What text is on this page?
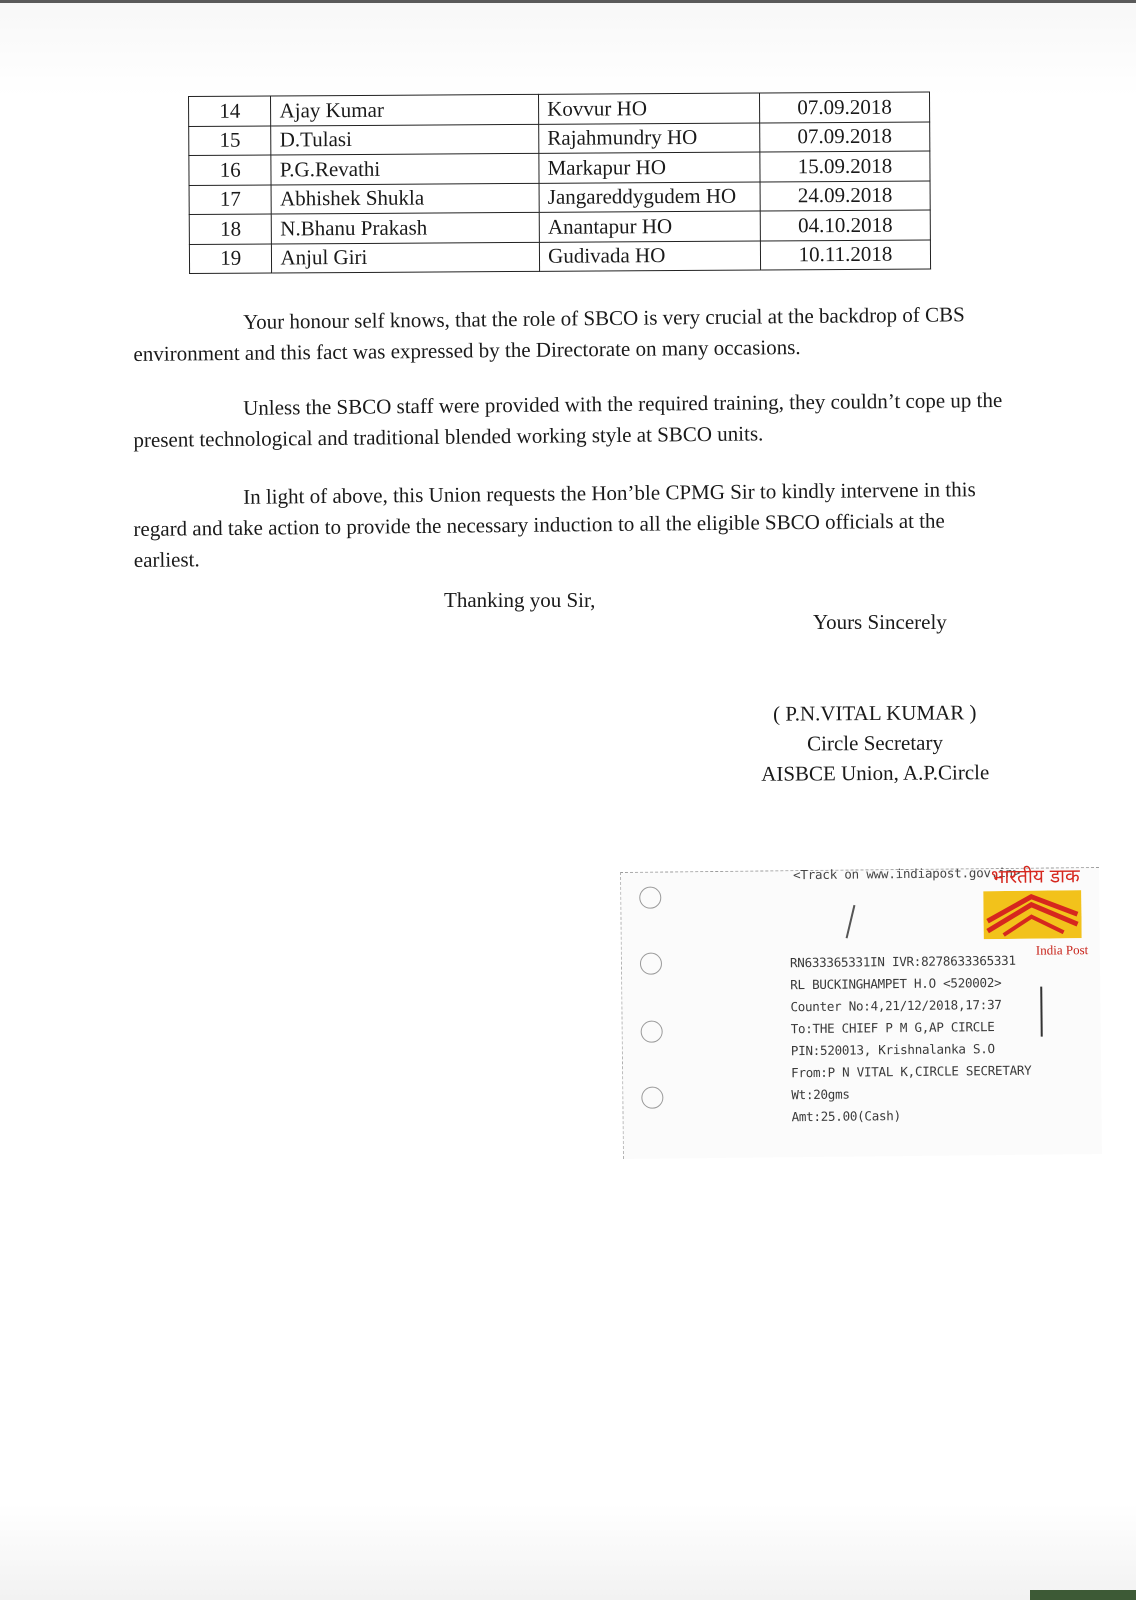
14	Ajay Kumar	Kovvur HO	07.09.2018
15	D.Tulasi	Rajahmundry HO	07.09.2018
16	P.G.Revathi	Markapur HO	15.09.2018
17	Abhishek Shukla	Jangareddygudem HO	24.09.2018
18	N.Bhanu Prakash	Anantapur HO	04.10.2018
19	Anjul Giri	Gudivada HO	10.11.2018

Your honour self knows, that the role of SBCO is very crucial at the backdrop of CBS environment and this fact was expressed by the Directorate on many occasions.

Unless the SBCO staff were provided with the required training, they couldn’t cope up the present technological and traditional blended working style at SBCO units.

In light of above, this Union requests the Hon’ble CPMG Sir to kindly intervene in this regard and take action to provide the necessary induction to all the eligible SBCO officials at the earliest.

Thanking you Sir,
Yours Sincerely
( P.N.VITAL KUMAR )
Circle Secretary
AISBCE Union, A.P.Circle
<Track on www.indiapost.gov.in>
भारतीय डाक
India Post
RN633365331IN IVR:8278633365331
RL BUCKINGHAMPET H.O <520002>
Counter No:4,21/12/2018,17:37
To:THE CHIEF P M G,AP CIRCLE
PIN:520013, Krishnalanka S.O
From:P N VITAL K,CIRCLE SECRETARY
Wt:20gms
Amt:25.00(Cash)
